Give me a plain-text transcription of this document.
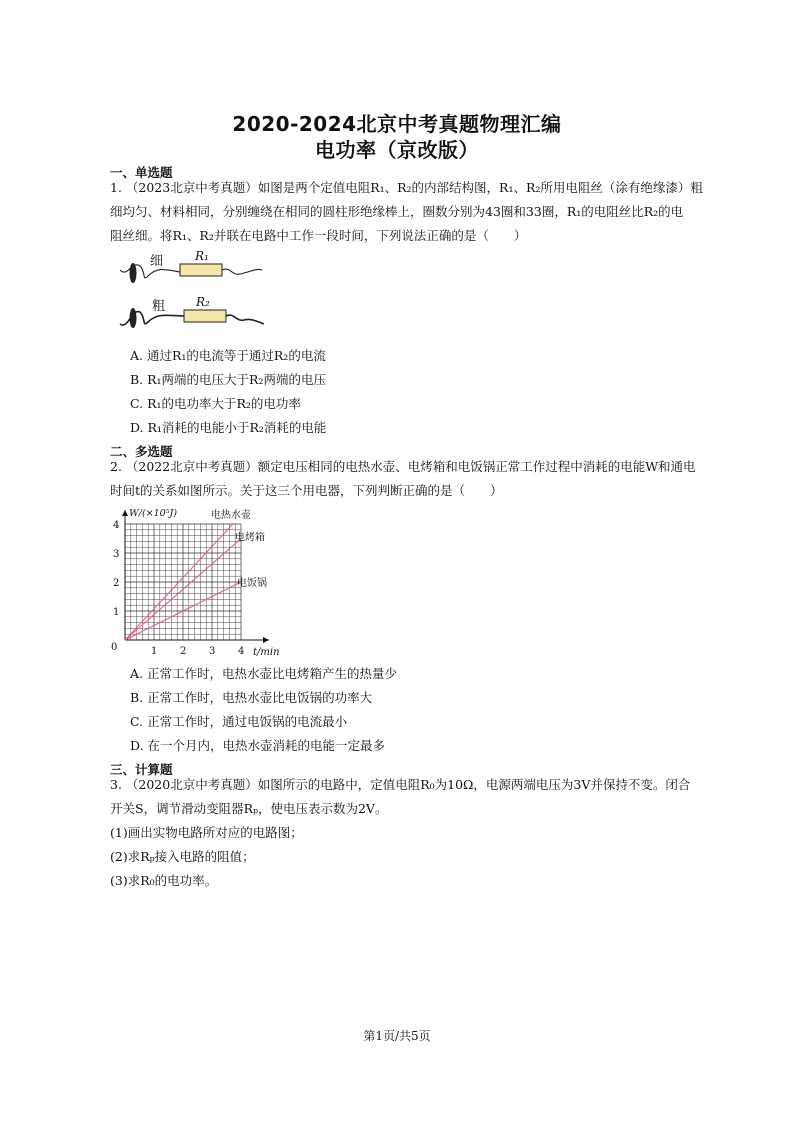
2020-2024北京中考真题物理汇编
电功率（京改版）
一、单选题
1. （2023北京中考真题）如图是两个定值电阻R₁、R₂的内部结构图，R₁、R₂所用电阻丝（涂有绝缘漆）粗
细均匀、材料相同，分别缠绕在相同的圆柱形绝缘棒上，圈数分别为43圈和33圈，R₁的电阻丝比R₂的电
阻丝细。将R₁、R₂并联在电路中工作一段时间，下列说法正确的是（　　）
细	R₁
粗	R₂
A. 通过R₁的电流等于通过R₂的电流
B. R₁两端的电压大于R₂两端的电压
C. R₁的电功率大于R₂的电功率
D. R₁消耗的电能小于R₂消耗的电能
二、多选题
2. （2022北京中考真题）额定电压相同的电热水壶、电烤箱和电饭锅正常工作过程中消耗的电能W和通电
时间t的关系如图所示。关于这三个用电器，下列判断正确的是（　　）
1 2 3 4
1
2
3
4
0
W/(×10⁵J)
t/min
电热水壶
电烤箱
电饭锅
A. 正常工作时，电热水壶比电烤箱产生的热量少
B. 正常工作时，电热水壶比电饭锅的功率大
C. 正常工作时，通过电饭锅的电流最小
D. 在一个月内，电热水壶消耗的电能一定最多
三、计算题
3. （2020北京中考真题）如图所示的电路中，定值电阻R₀为10Ω，电源两端电压为3V并保持不变。闭合
开关S，调节滑动变阻器Rₚ，使电压表示数为2V。
(1)画出实物电路所对应的电路图；
(2)求Rₚ接入电路的阻值；
(3)求R₀的电功率。
第1页/共5页
